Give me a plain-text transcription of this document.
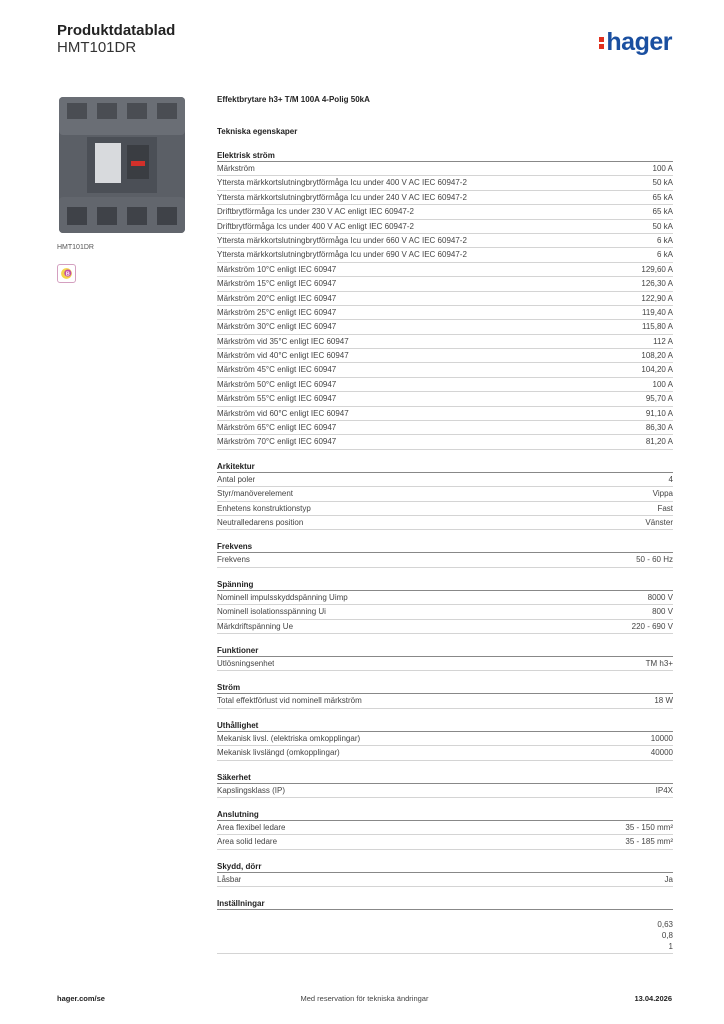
Produktdatablad
HMT101DR	hager
HMT101DR
B
Effektbrytare h3+ T/M 100A 4-Polig 50kA
Tekniska egenskaper
Elektrisk ström
Märkström	100 A
Yttersta märkkortslutningbrytförmåga Icu under 400 V AC IEC 60947-2	50 kA
Yttersta märkkortslutningbrytförmåga Icu under 240 V AC IEC 60947-2	65 kA
Driftbrytförmåga Ics under 230 V AC enligt IEC 60947-2	65 kA
Driftbrytförmåga Ics under 400 V AC enligt IEC 60947-2	50 kA
Yttersta märkkortslutningbrytförmåga Icu under 660 V AC IEC 60947-2	6 kA
Yttersta märkkortslutningbrytförmåga Icu under 690 V AC IEC 60947-2	6 kA
Märkström 10°C enligt IEC 60947	129,60 A
Märkström 15°C enligt IEC 60947	126,30 A
Märkström 20°C enligt IEC 60947	122,90 A
Märkström 25°C enligt IEC 60947	119,40 A
Märkström 30°C enligt IEC 60947	115,80 A
Märkström vid 35°C enligt IEC 60947	112 A
Märkström vid 40°C enligt IEC 60947	108,20 A
Märkström 45°C enligt IEC 60947	104,20 A
Märkström 50°C enligt IEC 60947	100 A
Märkström 55°C enligt IEC 60947	95,70 A
Märkström vid 60°C enligt IEC 60947	91,10 A
Märkström 65°C enligt IEC 60947	86,30 A
Märkström 70°C enligt IEC 60947	81,20 A
Arkitektur
Antal poler	4
Styr/manöverelement	Vippa
Enhetens konstruktionstyp	Fast
Neutralledarens position	Vänster
Frekvens
Frekvens	50 - 60 Hz
Spänning
Nominell impulsskyddspänning Uimp	8000 V
Nominell isolationsspänning Ui	800 V
Märkdriftspänning Ue	220 - 690 V
Funktioner
Utlösningsenhet	TM h3+
Ström
Total effektförlust vid nominell märkström	18 W
Uthållighet
Mekanisk livsl. (elektriska omkopplingar)	10000
Mekanisk livslängd (omkopplingar)	40000
Säkerhet
Kapslingsklass (IP)	IP4X
Anslutning
Area flexibel ledare	35 - 150 mm²
Area solid ledare	35 - 185 mm²
Skydd, dörr
Låsbar	Ja
Inställningar
0,63
0,8
1
hager.com/se	Med reservation för tekniska ändringar	13.04.2026
